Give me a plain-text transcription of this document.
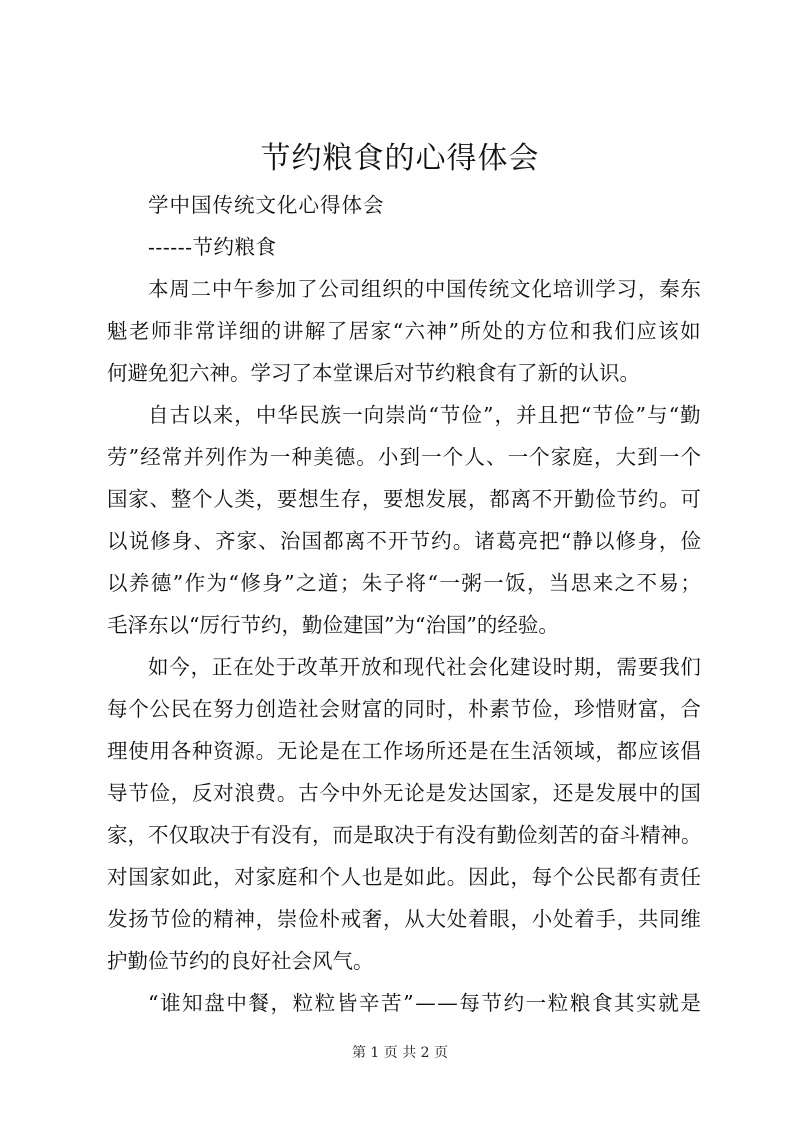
节约粮食的心得体会
学中国传统文化心得体会
------节约粮食
本 周 二 中 午 参 加 了 公 司 组 织 的 中 国 传 统 文 化 培 训 学 习 ， 秦 东
魁 老 师 非 常 详 细 的 讲 解 了 居 家 “ 六 神 ” 所 处 的 方 位 和 我 们 应 该 如
何避免犯六神。学习了本堂课后对节约粮食有了新的认识。
自 古 以 来 ， 中 华 民 族 一 向 崇 尚 “ 节 俭 ” ， 并 且 把 “ 节 俭 ” 与 “ 勤
劳 ” 经 常 并 列 作 为 一 种 美 德 。 小 到 一 个 人 、 一 个 家 庭 ， 大 到 一 个
国 家 、 整 个 人 类 ， 要 想 生 存 ， 要 想 发 展 ， 都 离 不 开 勤 俭 节 约 。 可
以 说 修 身 、 齐 家 、 治 国 都 离 不 开 节 约 。 诸 葛 亮 把 “ 静 以 修 身 ， 俭
以 养 德 ” 作 为 “ 修 身 ” 之 道 ； 朱 子 将 “ 一 粥 一 饭 ， 当 思 来 之 不 易 ；
毛泽东以“厉行节约，勤俭建国”为“治国”的经验。
如 今 ， 正 在 处 于 改 革 开 放 和 现 代 社 会 化 建 设 时 期 ， 需 要 我 们
每 个 公 民 在 努 力 创 造 社 会 财 富 的 同 时 ， 朴 素 节 俭 ， 珍 惜 财 富 ， 合
理 使 用 各 种 资 源 。 无 论 是 在 工 作 场 所 还 是 在 生 活 领 域 ， 都 应 该 倡
导 节 俭 ， 反 对 浪 费 。 古 今 中 外 无 论 是 发 达 国 家 ， 还 是 发 展 中 的 国
家 ， 不 仅 取 决 于 有 没 有 ， 而 是 取 决 于 有 没 有 勤 俭 刻 苦 的 奋 斗 精 神 。
对 国 家 如 此 ， 对 家 庭 和 个 人 也 是 如 此 。 因 此 ， 每 个 公 民 都 有 责 任
发 扬 节 俭 的 精 神 ， 崇 俭 朴 戒 奢 ， 从 大 处 着 眼 ， 小 处 着 手 ， 共 同 维
护勤俭节约的良好社会风气。
“ 谁 知 盘 中 餐 ， 粒 粒 皆 辛 苦 ” — — 每 节 约 一 粒 粮 食 其 实 就 是
第 1 页 共 2 页
